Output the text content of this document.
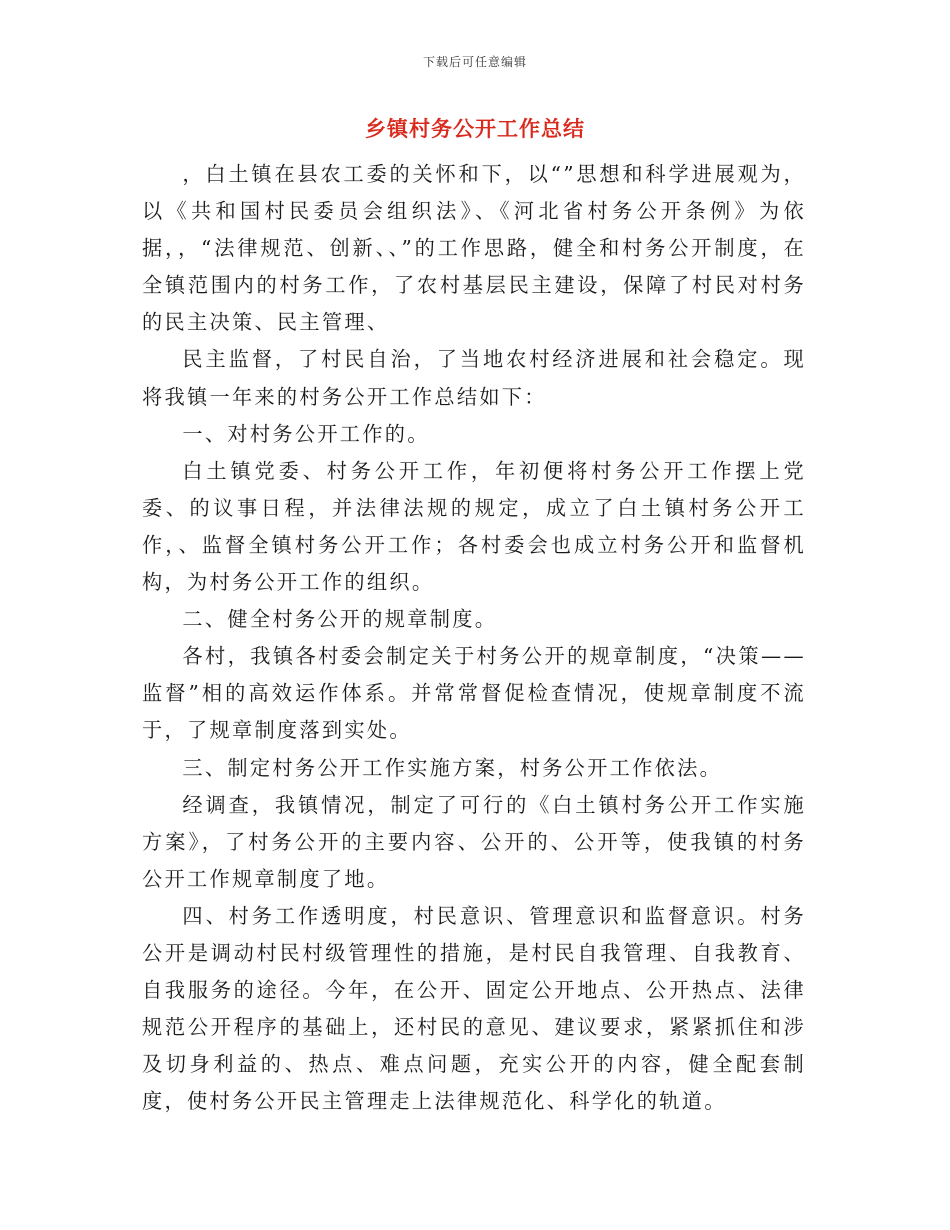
下载后可任意编辑
乡镇村务公开工作总结

，白土镇在县农工委的关怀和下，以“”思想和科学进展观为，以《共和国村民委员会组织法》、《河北省村务公开条例》为依据，，“法律规范、创新、、”的工作思路，健全和村务公开制度，在全镇范围内的村务工作，了农村基层民主建设，保障了村民对村务的民主决策、民主管理、

民主监督，了村民自治，了当地农村经济进展和社会稳定。现将我镇一年来的村务公开工作总结如下：

一、对村务公开工作的。

白土镇党委、村务公开工作，年初便将村务公开工作摆上党委、的议事日程，并法律法规的规定，成立了白土镇村务公开工作，、监督全镇村务公开工作；各村委会也成立村务公开和监督机构，为村务公开工作的组织。

二、健全村务公开的规章制度。

各村，我镇各村委会制定关于村务公开的规章制度，“决策——监督”相的高效运作体系。并常常督促检查情况，使规章制度不流于，了规章制度落到实处。

三、制定村务公开工作实施方案，村务公开工作依法。

经调查，我镇情况，制定了可行的《白土镇村务公开工作实施方案》，了村务公开的主要内容、公开的、公开等，使我镇的村务公开工作规章制度了地。

四、村务工作透明度，村民意识、管理意识和监督意识。村务公开是调动村民村级管理性的措施，是村民自我管理、自我教育、自我服务的途径。今年，在公开、固定公开地点、公开热点、法律规范公开程序的基础上，还村民的意见、建议要求，紧紧抓住和涉及切身利益的、热点、难点问题，充实公开的内容，健全配套制度，使村务公开民主管理走上法律规范化、科学化的轨道。
